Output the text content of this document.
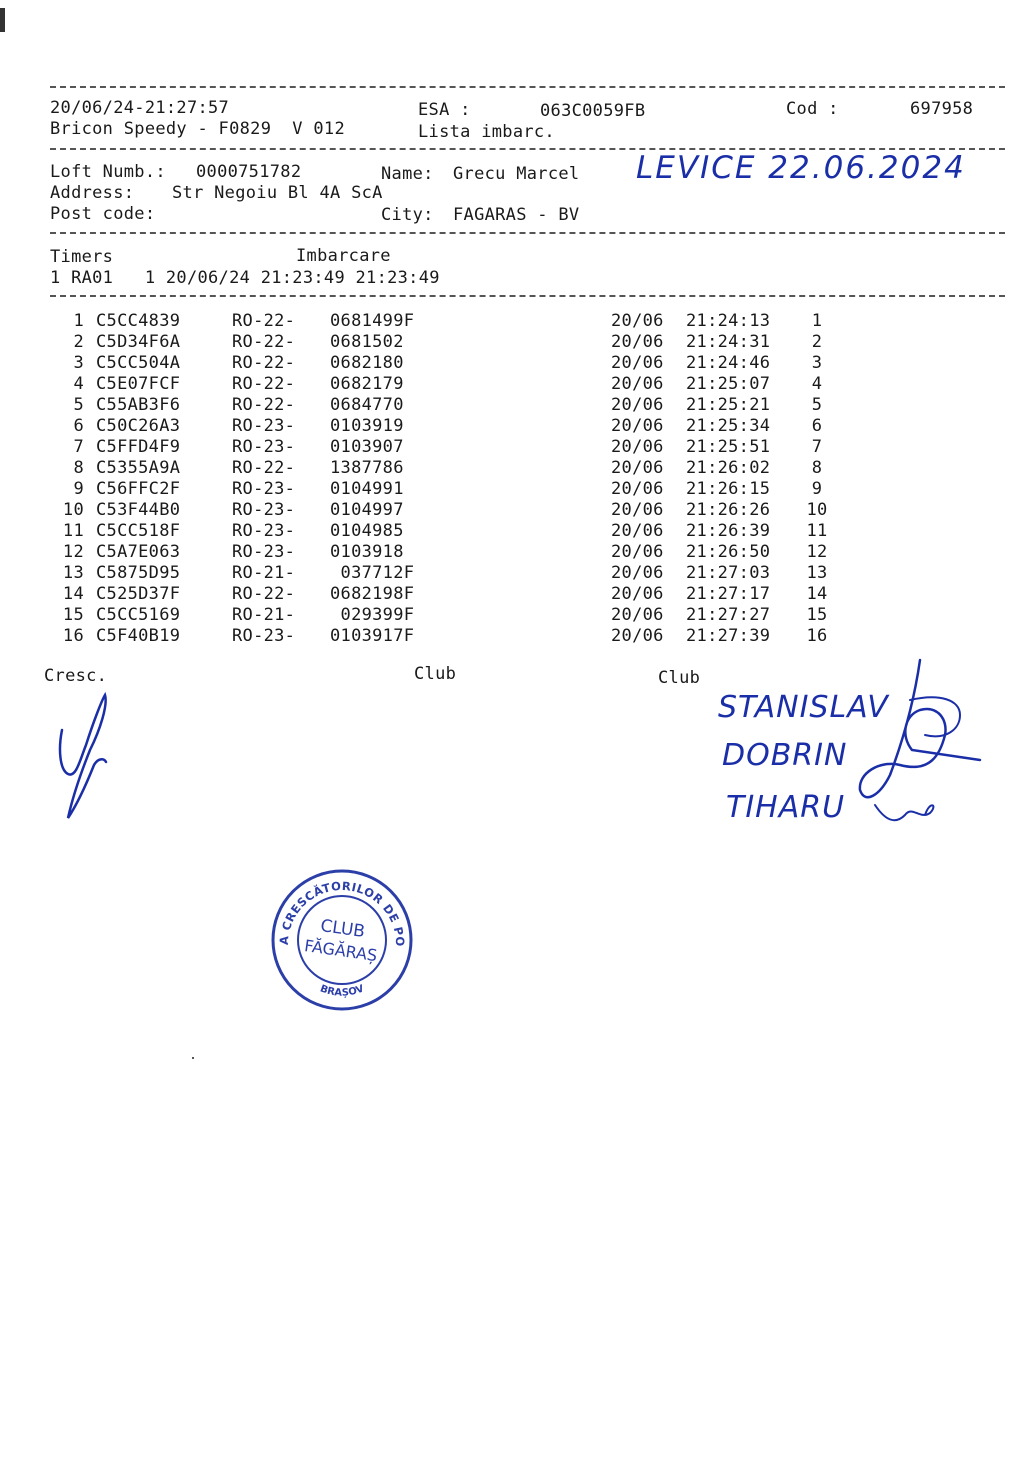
20/06/24-21:27:57	ESA :	063C0059FB	Cod :	697958
Bricon Speedy - F0829  V 012	Lista imbarc.
Loft Numb.: 0000751782	Name: Grecu Marcel LEVICE 22.06.2024
Address: Str Negoiu Bl 4A ScA
Post code:	City: FAGARAS - BV
Timers	Imbarcare
1 RA01   1 20/06/24 21:23:49 21:23:49
1 C5CC4839	RO-22- 0681499F	20/06 21:24:13	1
2 C5D34F6A	RO-22- 0681502	20/06 21:24:31	2
3 C5CC504A	RO-22- 0682180	20/06 21:24:46	3
4 C5E07FCF	RO-22- 0682179	20/06 21:25:07	4
5 C55AB3F6	RO-22- 0684770	20/06 21:25:21	5
6 C50C26A3	RO-23- 0103919	20/06 21:25:34	6
7 C5FFD4F9	RO-23- 0103907	20/06 21:25:51	7
8 C5355A9A	RO-22- 1387786	20/06 21:26:02	8
9 C56FFC2F	RO-23- 0104991	20/06 21:26:15	9
10 C53F44B0	RO-23- 0104997	20/06 21:26:26	10
11 C5CC518F	RO-23- 0104985	20/06 21:26:39	11
12 C5A7E063	RO-23- 0103918	20/06 21:26:50	12
13 C5875D95	RO-21- 037712F	20/06 21:27:03	13
14 C525D37F	RO-22- 0682198F	20/06 21:27:17	14
15 C5CC5169	RO-21- 029399F	20/06 21:27:27	15
16 C5F40B19	RO-23- 0103917F	20/06 21:27:39	16
Cresc.	Club	Club
STANISLAV
DOBRIN
TIHARU
A CRESCĂTORILOR DE PO
BRAȘOV
CLUB
FĂGĂRAȘ
